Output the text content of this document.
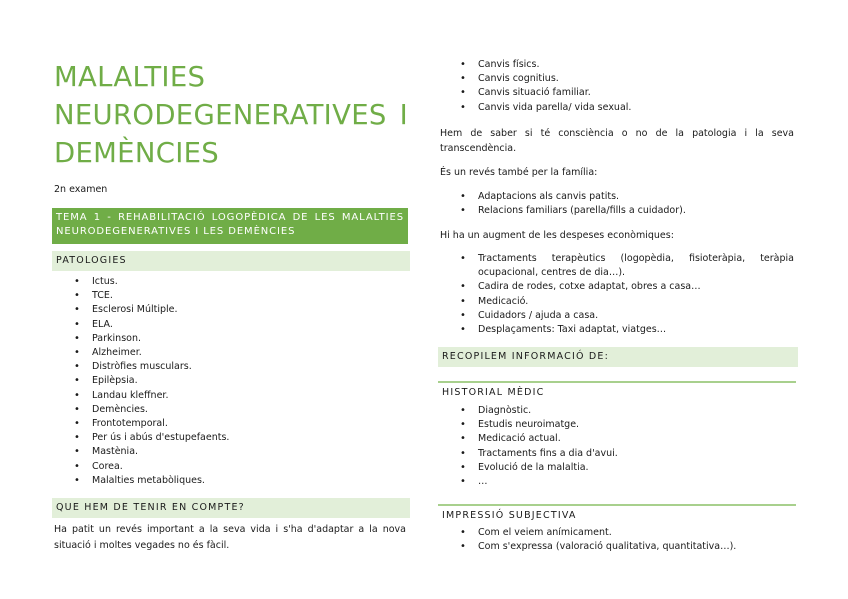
MALALTIES NEURODEGENERATIVES I DEMÈNCIES
2n examen
TEMA 1 - REHABILITACIÓ LOGOPÈDICA DE LES MALALTIES NEURODEGENERATIVES I LES DEMÈNCIES
PATOLOGIES
• Ictus.
• TCE.
• Esclerosi Múltiple.
• ELA.
• Parkinson.
• Alzheimer.
• Distròfies musculars.
• Epilèpsia.
• Landau kleffner.
• Demències.
• Frontotemporal.
• Per ús i abús d'estupefaents.
• Mastènia.
• Corea.
• Malalties metabòliques.
QUE HEM DE TENIR EN COMPTE?

Ha patit un revés important a la seva vida i s'ha d'adaptar a la nova situació i moltes vegades no és fàcil.

• Canvis físics.
• Canvis cognitius.
• Canvis situació familiar.
• Canvis vida parella/ vida sexual.

Hem de saber si té consciència o no de la patologia i la seva transcendència.

És un revés també per la família:

• Adaptacions als canvis patits.
• Relacions familiars (parella/fills a cuidador).

Hi ha un augment de les despeses econòmiques:

• Tractaments terapèutics (logopèdia, fisioteràpia, teràpia ocupacional, centres de dia…).
• Cadira de rodes, cotxe adaptat, obres a casa…
• Medicació.
• Cuidadors / ajuda a casa.
• Desplaçaments: Taxi adaptat, viatges…
RECOPILEM INFORMACIÓ DE:
HISTORIAL MÈDIC
• Diagnòstic.
• Estudis neuroimatge.
• Medicació actual.
• Tractaments fins a dia d'avui.
• Evolució de la malaltia.
• …
IMPRESSIÓ SUBJECTIVA
• Com el veiem anímicament.
• Com s'expressa (valoració qualitativa, quantitativa…).
